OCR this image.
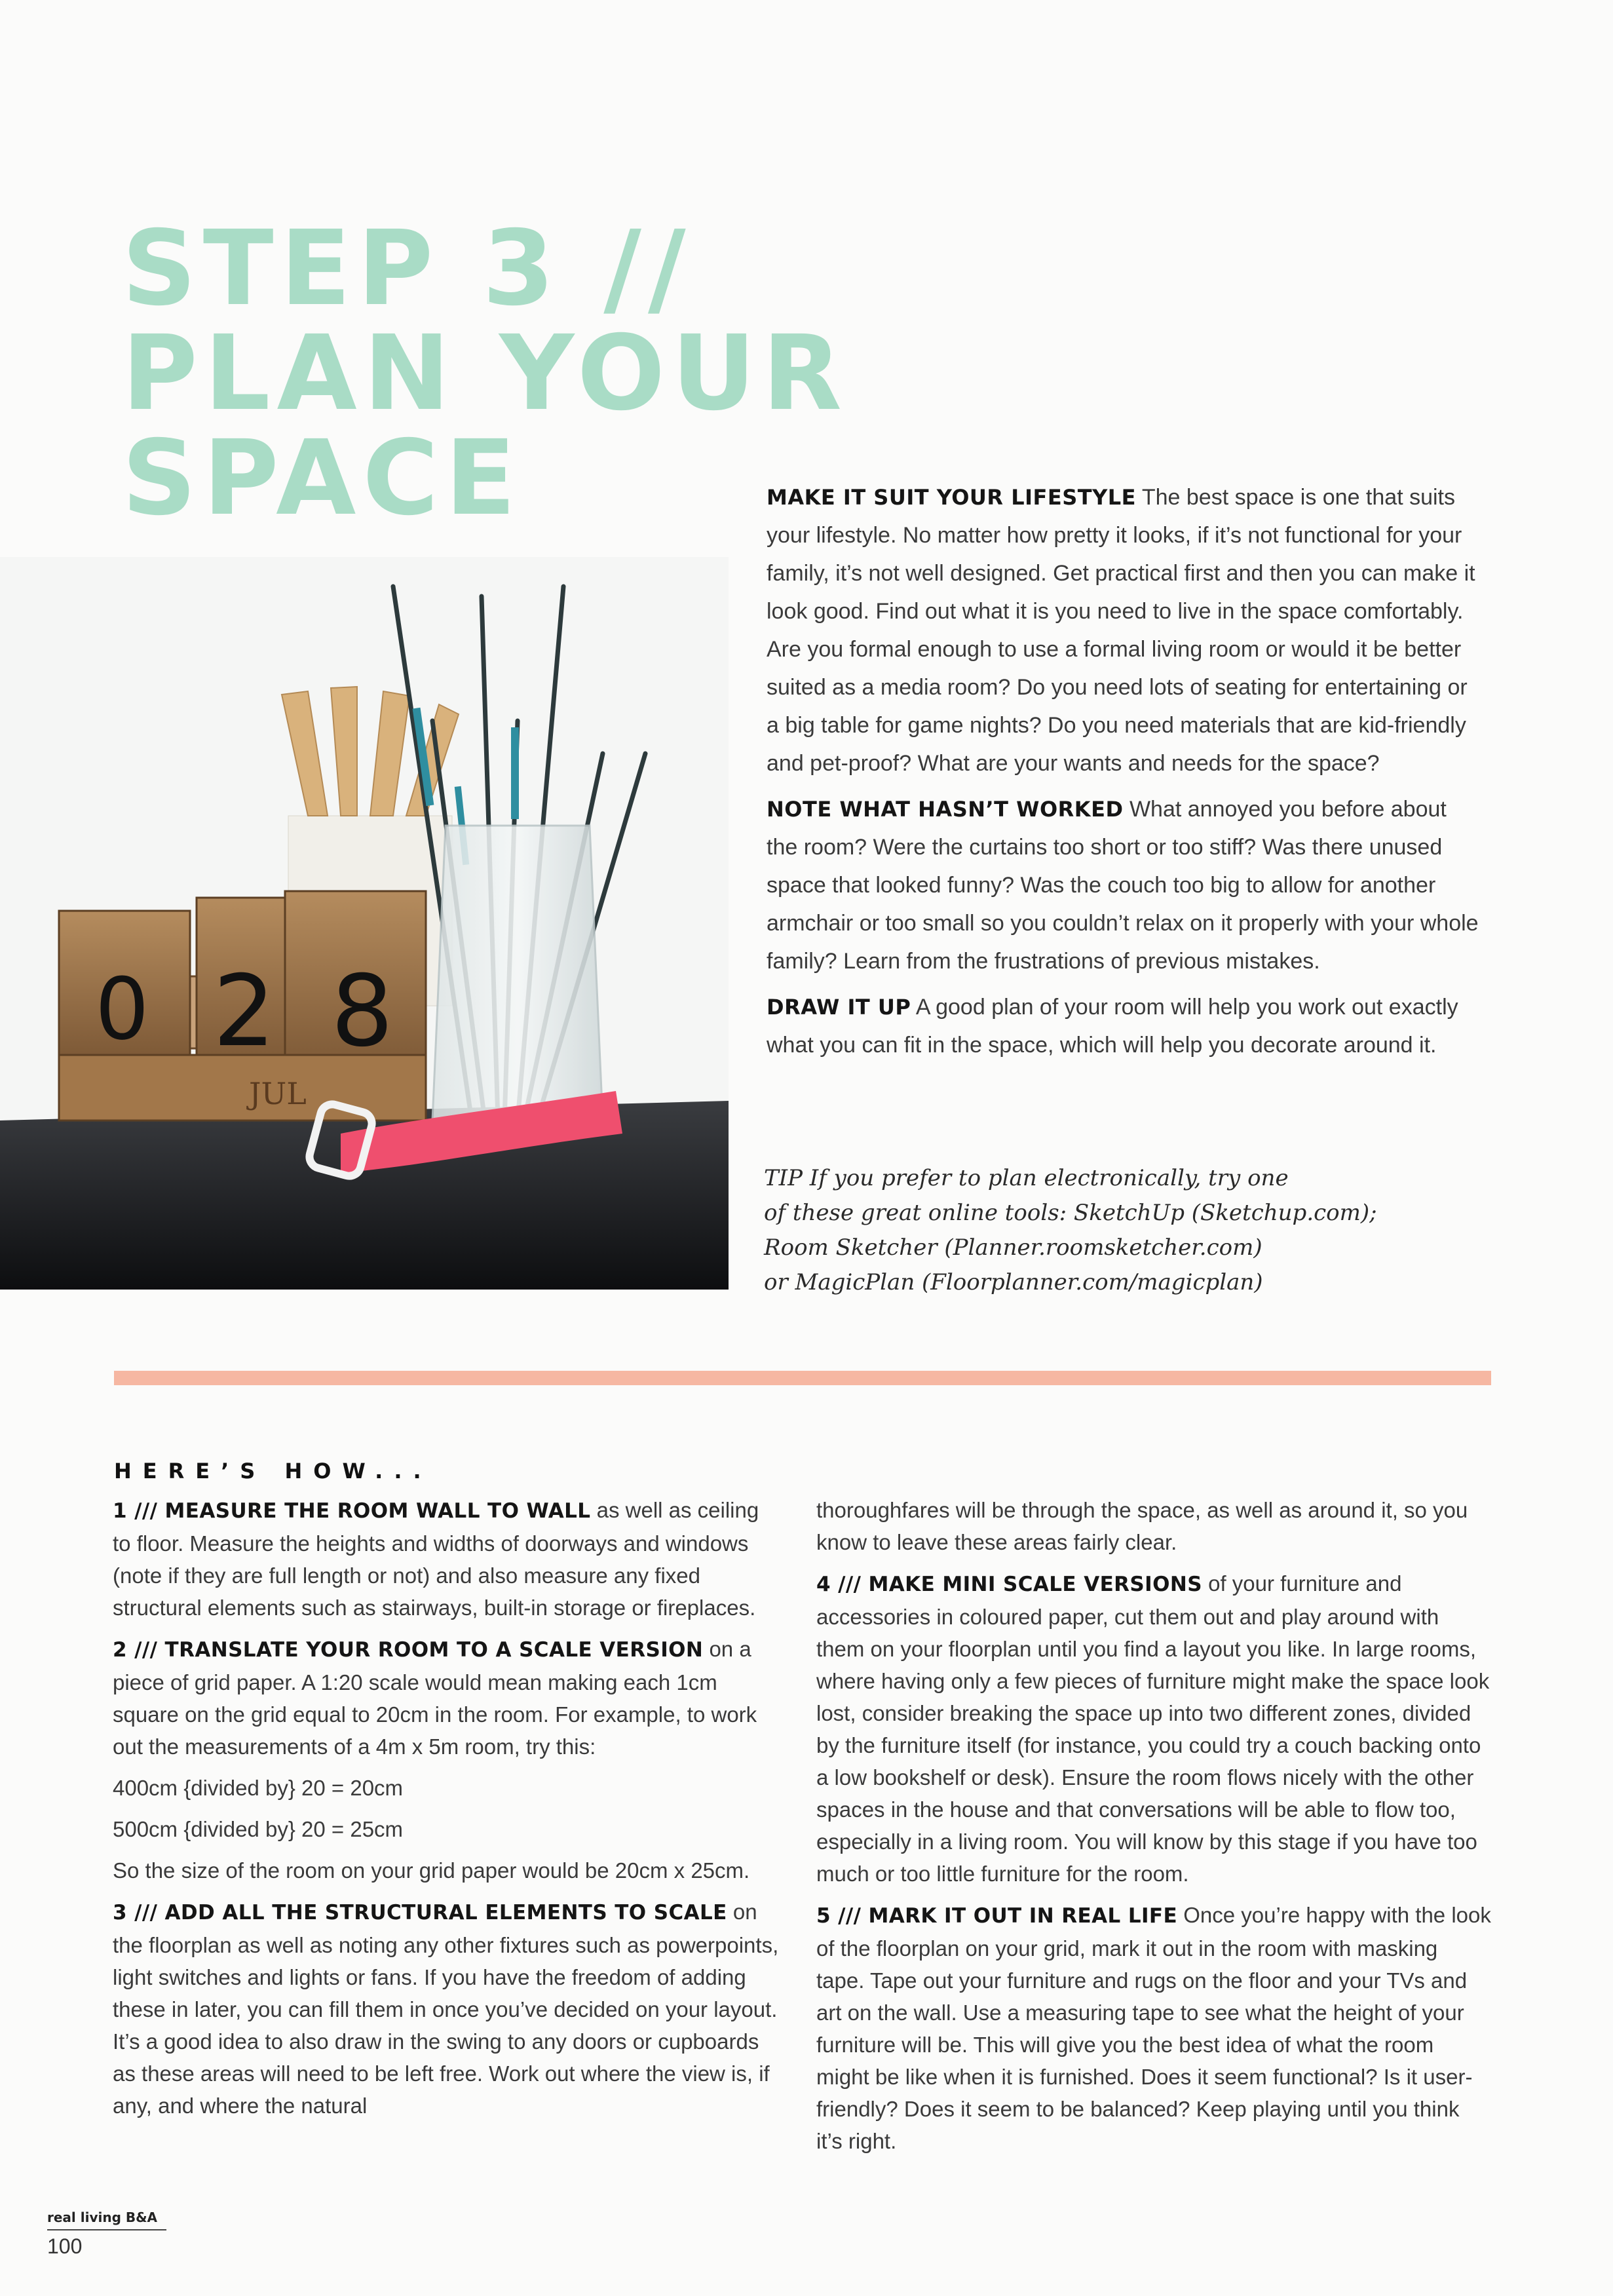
STEP 3 //
PLAN YOUR
SPACE
0 2 8
JUL

MAKE IT SUIT YOUR LIFESTYLE The best space is one that suits your lifestyle. No matter how pretty it looks, if it’s not functional for your family, it’s not well designed. Get practical first and then you can make it look good. Find out what it is you need to live in the space comfortably. Are you formal enough to use a formal living room or would it be better suited as a media room? Do you need lots of seating for entertaining or a big table for game nights? Do you need materials that are kid-friendly and pet-proof? What are your wants and needs for the space?

NOTE WHAT HASN’T WORKED What annoyed you before about the room? Were the curtains too short or too stiff? Was there unused space that looked funny? Was the couch too big to allow for another armchair or too small so you couldn’t relax on it properly with your whole family? Learn from the frustrations of previous mistakes.

DRAW IT UP A good plan of your room will help you work out exactly what you can fit in the space, which will help you decorate around it.

TIP If you prefer to plan electronically, try one
of these great online tools: SketchUp (Sketchup.com);
Room Sketcher (Planner.roomsketcher.com)
or MagicPlan (Floorplanner.com/magicplan)
HERE’S HOW...

1 /// MEASURE THE ROOM WALL TO WALL as well as ceiling to floor. Measure the heights and widths of doorways and windows (note if they are full length or not) and also measure any fixed structural elements such as stairways, built-in storage or fireplaces.

2 /// TRANSLATE YOUR ROOM TO A SCALE VERSION on a piece of grid paper. A 1:20 scale would mean making each 1cm square on the grid equal to 20cm in the room. For example, to work out the measurements of a 4m x 5m room, try this:

400cm {divided by} 20 = 20cm
500cm {divided by} 20 = 25cm

So the size of the room on your grid paper would be 20cm x 25cm.

3 /// ADD ALL THE STRUCTURAL ELEMENTS TO SCALE on the floorplan as well as noting any other fixtures such as powerpoints, light switches and lights or fans. If you have the freedom of adding these in later, you can fill them in once you’ve decided on your layout. It’s a good idea to also draw in the swing to any doors or cupboards as these areas will need to be left free. Work out where the view is, if any, and where the natural

thoroughfares will be through the space, as well as around it, so you know to leave these areas fairly clear.

4 /// MAKE MINI SCALE VERSIONS of your furniture and accessories in coloured paper, cut them out and play around with them on your floorplan until you find a layout you like. In large rooms, where having only a few pieces of furniture might make the space look lost, consider breaking the space up into two different zones, divided by the furniture itself (for instance, you could try a couch backing onto a low bookshelf or desk). Ensure the room flows nicely with the other spaces in the house and that conversations will be able to flow too, especially in a living room. You will know by this stage if you have too much or too little furniture for the room.

5 /// MARK IT OUT IN REAL LIFE Once you’re happy with the look of the floorplan on your grid, mark it out in the room with masking tape. Tape out your furniture and rugs on the floor and your TVs and art on the wall. Use a measuring tape to see what the height of your furniture will be. This will give you the best idea of what the room might be like when it is furnished. Does it seem functional? Is it user-friendly? Does it seem to be balanced? Keep playing until you think it’s right.

real living B&A
100
